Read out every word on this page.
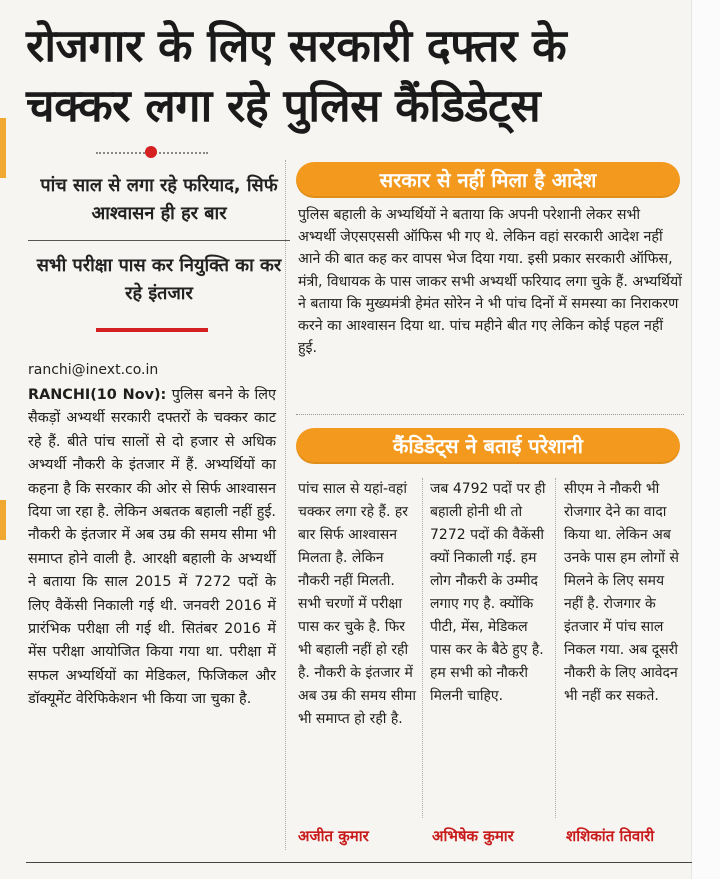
रोजगार के लिए सरकारी दफ्तर के
चक्कर लगा रहे पुलिस कैंडिडेट्स
पांच साल से लगा रहे फरियाद, सिर्फ आश्वासन ही हर बार
सभी परीक्षा पास कर नियुक्ति का कर रहे इंतजार
ranchi@inext.co.in
RANCHI(10 Nov): पुलिस बनने के लिए सैकड़ों अभ्यर्थी सरकारी दफ्तरों के चक्कर काट रहे हैं. बीते पांच सालों से दो हजार से अधिक अभ्यर्थी नौकरी के इंतजार में हैं. अभ्यर्थियों का कहना है कि सरकार की ओर से सिर्फ आश्वासन दिया जा रहा है. लेकिन अबतक बहाली नहीं हुई. नौकरी के इंतजार में अब उम्र की समय सीमा भी समाप्त होने वाली है. आरक्षी बहाली के अभ्यर्थी ने बताया कि साल 2015 में 7272 पदों के लिए वैकेंसी निकाली गई थी. जनवरी 2016 में प्रारंभिक परीक्षा ली गई थी. सितंबर 2016 में मेंस परीक्षा आयोजित किया गया था. परीक्षा में सफल अभ्यर्थियों का मेडिकल, फिजिकल और डॉक्यूमेंट वेरिफिकेशन भी किया जा चुका है.
सरकार से नहीं मिला है आदेश
पुलिस बहाली के अभ्यर्थियों ने बताया कि अपनी परेशानी लेकर सभी अभ्यर्थी जेएसएससी ऑफिस भी गए थे. लेकिन वहां सरकारी आदेश नहीं आने की बात कह कर वापस भेज दिया गया. इसी प्रकार सरकारी ऑफिस, मंत्री, विधायक के पास जाकर सभी अभ्यर्थी फरियाद लगा चुके हैं. अभ्यर्थियों ने बताया कि मुख्यमंत्री हेमंत सोरेन ने भी पांच दिनों में समस्या का निराकरण करने का आश्वासन दिया था. पांच महीने बीत गए लेकिन कोई पहल नहीं हुई.
कैंडिडेट्स ने बताई परेशानी
पांच साल से यहां-वहां चक्कर लगा रहे हैं. हर बार सिर्फ आश्वासन मिलता है. लेकिन नौकरी नहीं मिलती. सभी चरणों में परीक्षा पास कर चुके है. फिर भी बहाली नहीं हो रही है. नौकरी के इंतजार में अब उम्र की समय सीमा भी समाप्त हो रही है.
जब 4792 पदों पर ही बहाली होनी थी तो 7272 पदों की वैकेंसी क्यों निकाली गई. हम लोग नौकरी के उम्मीद लगाए गए है. क्योंकि पीटी, मेंस, मेडिकल पास कर के बैठे हुए है. हम सभी को नौकरी मिलनी चाहिए.
सीएम ने नौकरी भी रोजगार देने का वादा किया था. लेकिन अब उनके पास हम लोगों से मिलने के लिए समय नहीं है. रोजगार के इंतजार में पांच साल निकल गया. अब दूसरी नौकरी के लिए आवेदन भी नहीं कर सकते.
अजीत कुमार	अभिषेक कुमार	शशिकांत तिवारी
